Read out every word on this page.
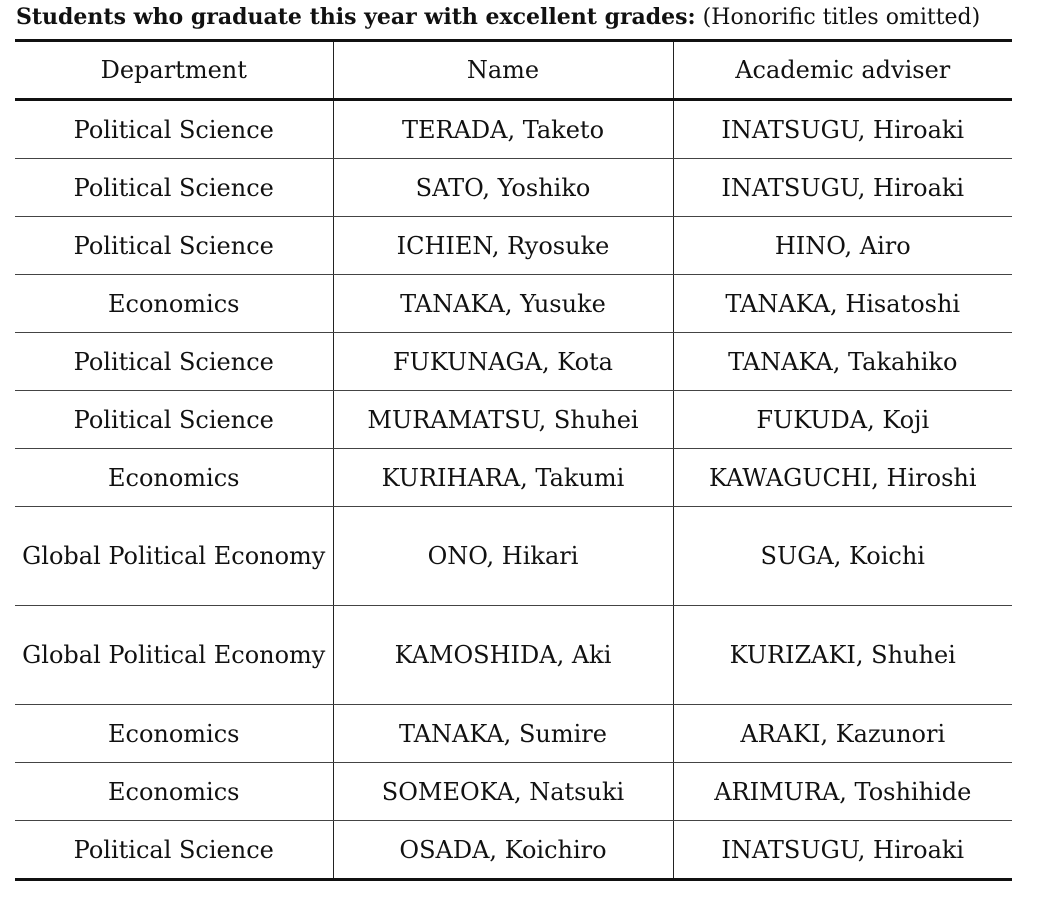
Students who graduate this year with excellent grades: (Honorific titles omitted)
Department	Name	Academic adviser
Political Science	TERADA, Taketo	INATSUGU, Hiroaki
Political Science	SATO, Yoshiko	INATSUGU, Hiroaki
Political Science	ICHIEN, Ryosuke	HINO, Airo
Economics	TANAKA, Yusuke	TANAKA, Hisatoshi
Political Science	FUKUNAGA, Kota	TANAKA, Takahiko
Political Science	MURAMATSU, Shuhei	FUKUDA, Koji
Economics	KURIHARA, Takumi	KAWAGUCHI, Hiroshi
Global Political Economy	ONO, Hikari	SUGA, Koichi
Global Political Economy	KAMOSHIDA, Aki	KURIZAKI, Shuhei
Economics	TANAKA, Sumire	ARAKI, Kazunori
Economics	SOMEOKA, Natsuki	ARIMURA, Toshihide
Political Science	OSADA, Koichiro	INATSUGU, Hiroaki
